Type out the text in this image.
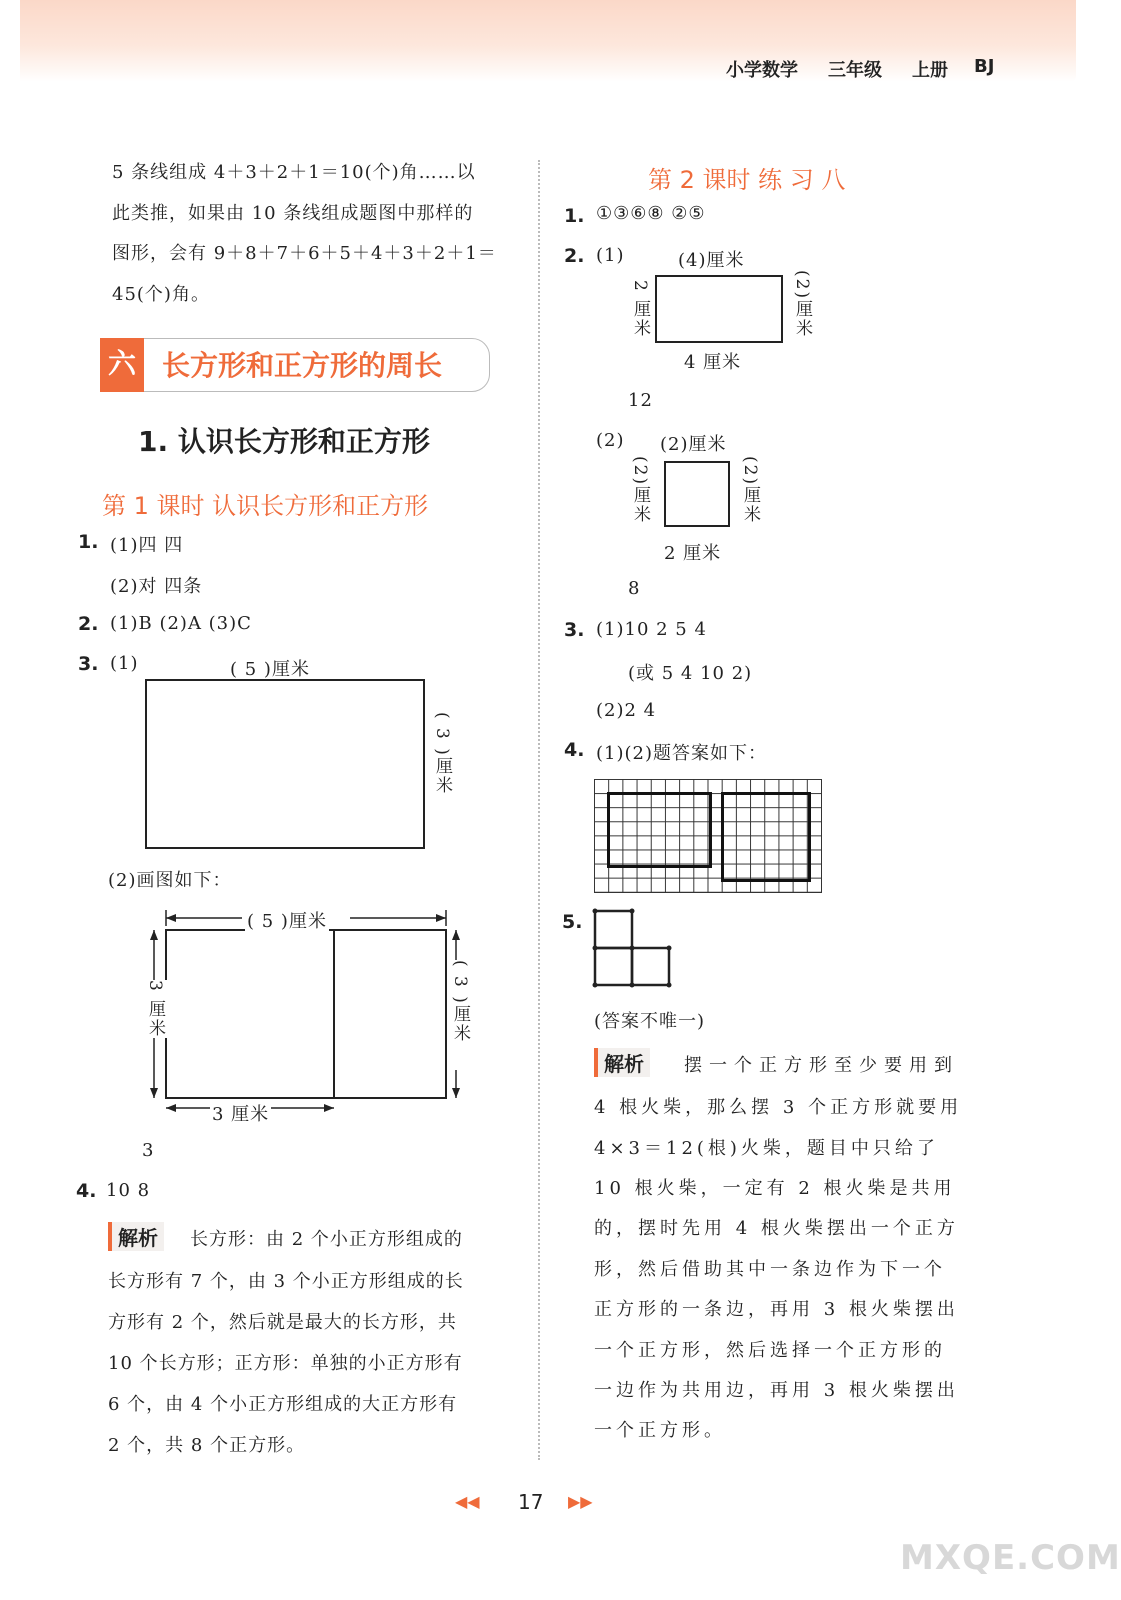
小学数学 三年级 上册 BJ
5 条线组成 4＋3＋2＋1＝10(个)角……以
此类推，如果由 10 条线组成题图中那样的
图形，会有 9＋8＋7＋6＋5＋4＋3＋2＋1＝
45(个)角。
六 长方形和正方形的周长
1. 认识长方形和正方形
第 1 课时 认识长方形和正方形
1. (1)四 四
(2)对 四条
2. (1)B (2)A (3)C
3. (1)	( 5 )厘米
( 3 )厘米
(2)画图如下：
( 5 )厘米
3 厘米	( 3 )厘米
3 厘米
3
4. 10 8
解析	长方形：由 2 个小正方形组成的
长方形有 7 个，由 3 个小正方形组成的长
方形有 2 个，然后就是最大的长方形，共
10 个长方形；正方形：单独的小正方形有
6 个，由 4 个小正方形组成的大正方形有
2 个，共 8 个正方形。
第 2 课时 练 习 八
1. ①③⑥⑧ ②⑤
2. (1)	(4)厘米
2 厘米	(2)厘米
4 厘米
12
(2) (2)厘米
(2)厘米	(2)厘米
2 厘米
8
3. (1)10 2 5 4
(或 5 4 10 2)
(2)2 4
4. (1)(2)题答案如下：
5.
(答案不唯一)
解析	摆一个正方形至少要用到
4 根火柴，那么摆 3 个正方形就要用
4×3＝12(根)火柴，题目中只给了
10 根火柴，一定有 2 根火柴是共用
的，摆时先用 4 根火柴摆出一个正方
形，然后借助其中一条边作为下一个
正方形的一条边，再用 3 根火柴摆出
一个正方形，然后选择一个正方形的
一边作为共用边，再用 3 根火柴摆出
一个正方形。
◀◀ 17 ▶▶
MXQE.COM
